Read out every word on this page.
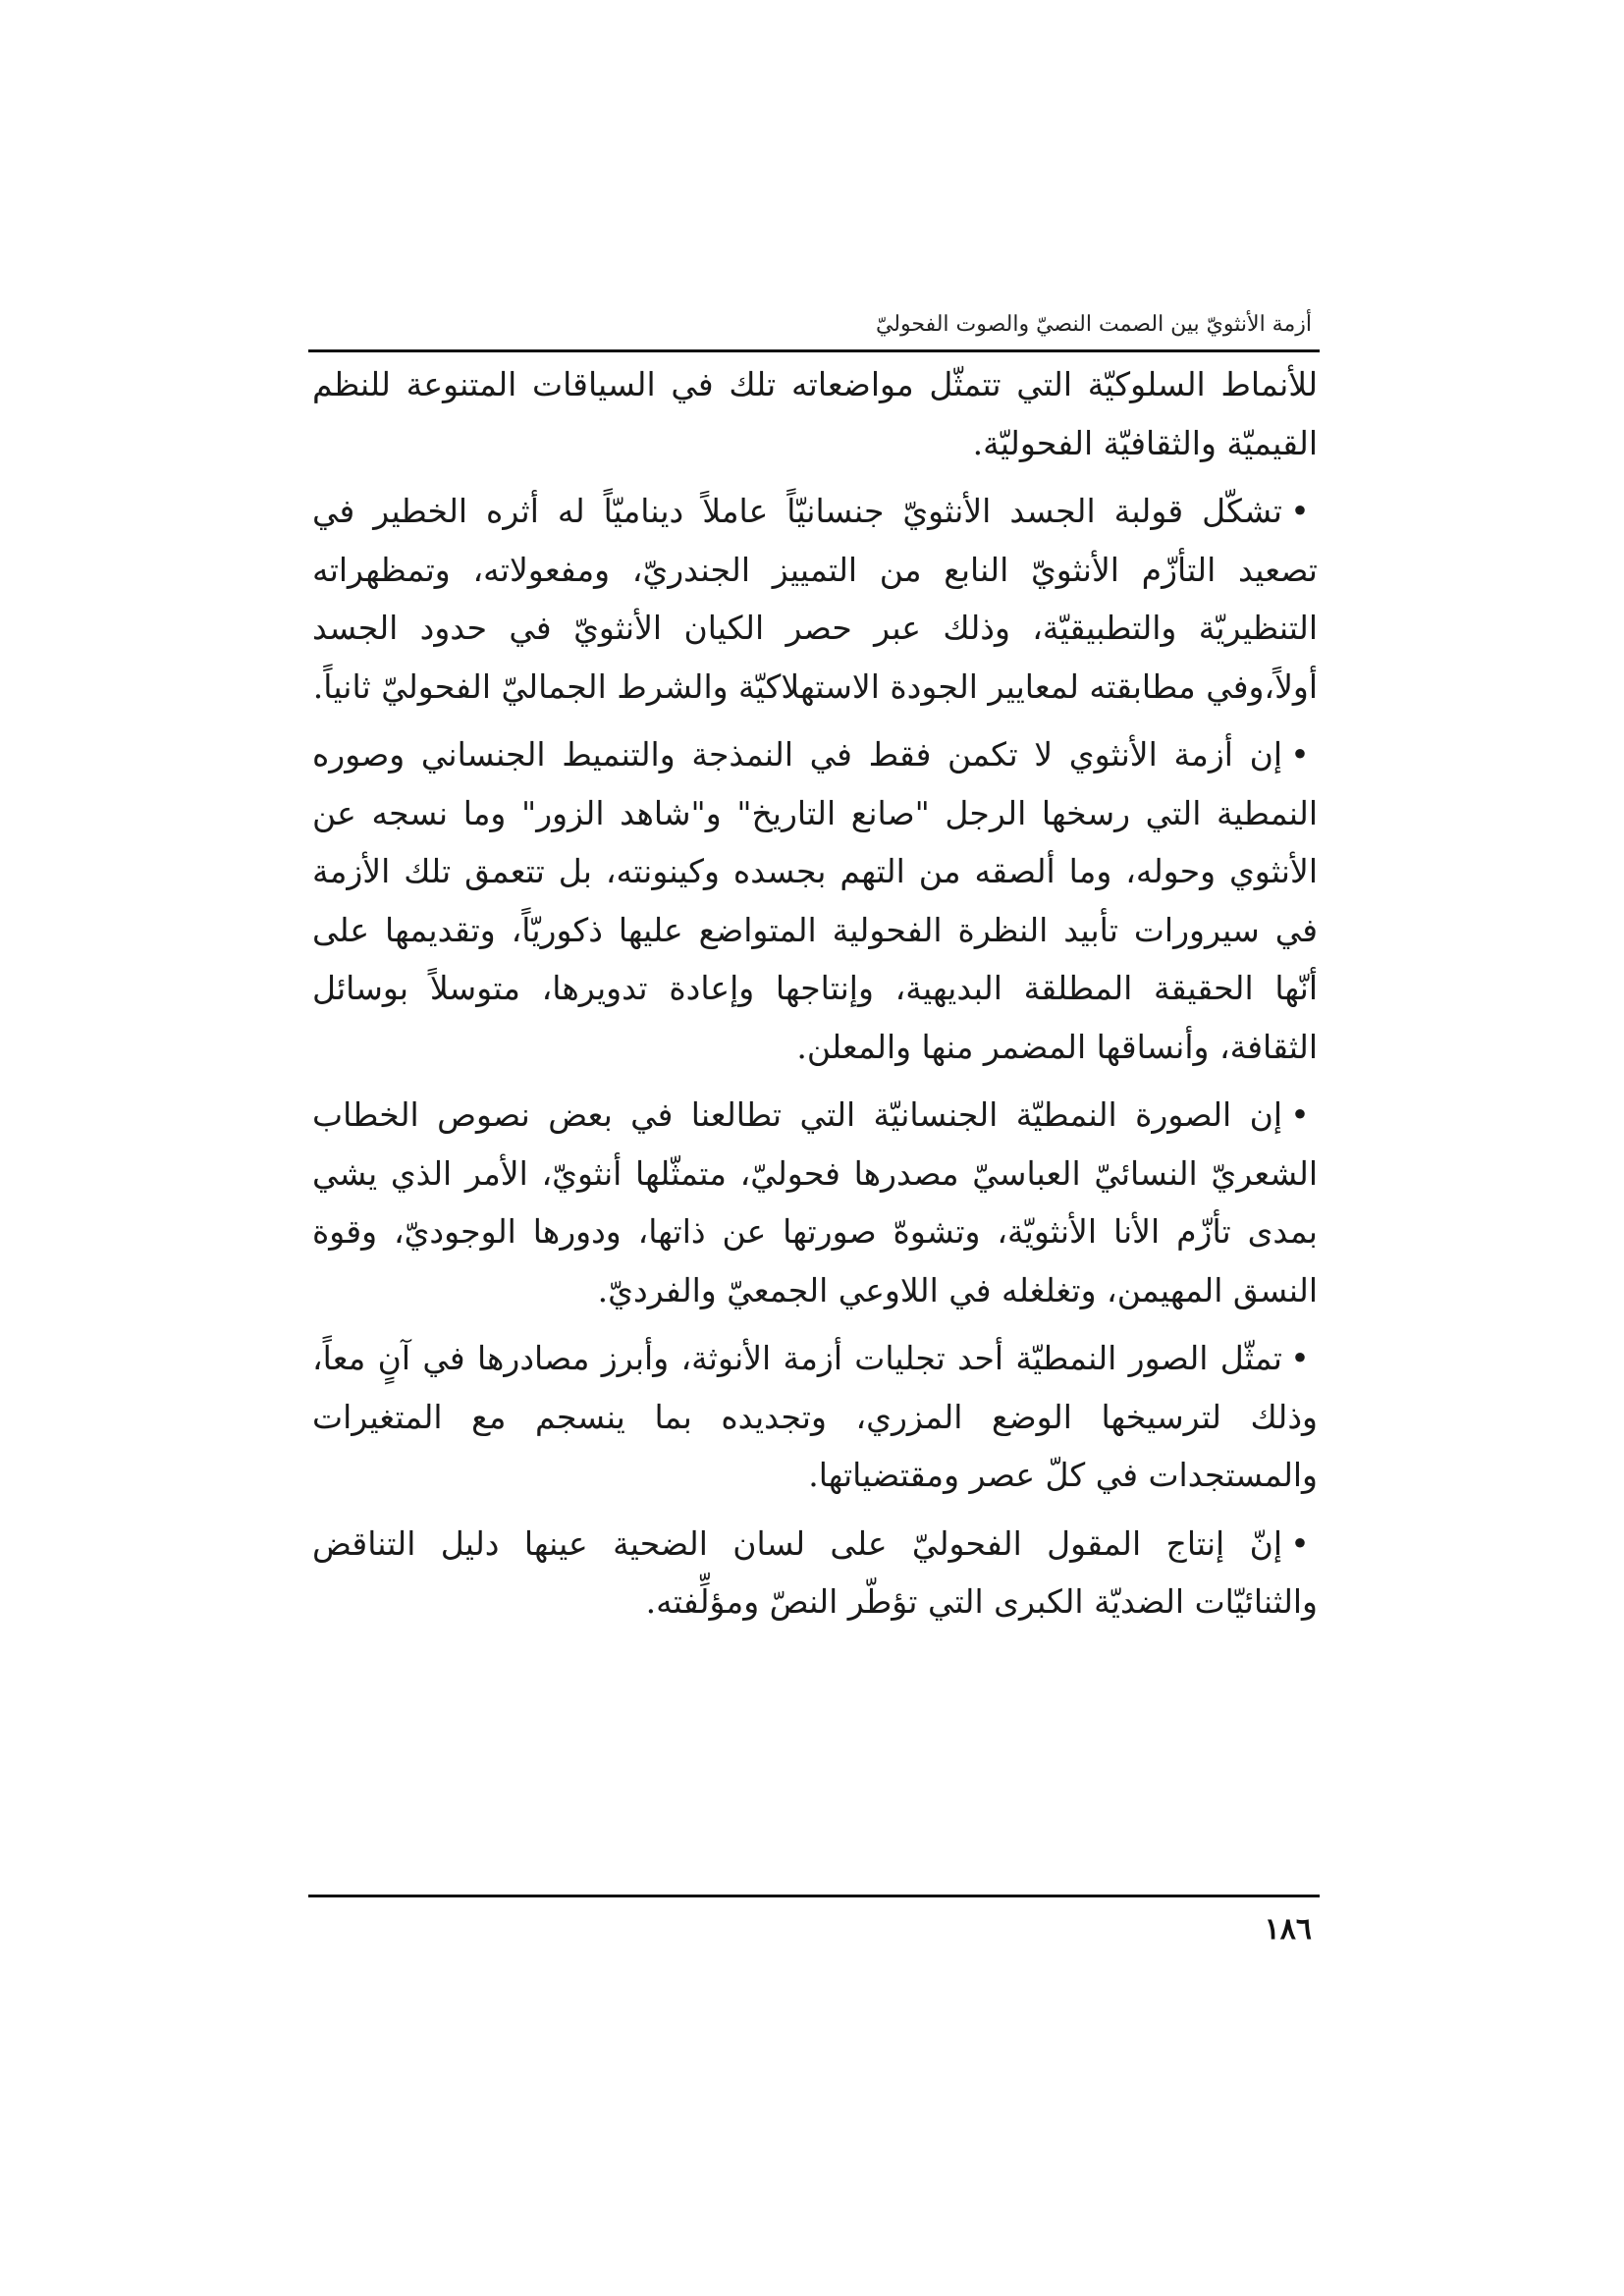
أزمة الأنثويّ بين الصمت النصيّ والصوت الفحوليّ

للأنماط السلوكيّة التي تتمثّل مواضعاته تلك في السياقات المتنوعة للنظم القيميّة والثقافيّة الفحوليّة.

•تشكّل قولبة الجسد الأنثويّ جنسانيّاً عاملاً ديناميّاً له أثره الخطير في تصعيد التأزّم الأنثويّ النابع من التمييز الجندريّ، ومفعولاته، وتمظهراته التنظيريّة والتطبيقيّة، وذلك عبر حصر الكيان الأنثويّ في حدود الجسد أولاً،وفي مطابقته لمعايير الجودة الاستهلاكيّة والشرط الجماليّ الفحوليّ ثانياً.

•إن أزمة الأنثوي لا تكمن فقط في النمذجة والتنميط الجنساني وصوره النمطية التي رسخها الرجل "صانع التاريخ" و"شاهد الزور" وما نسجه عن الأنثوي وحوله، وما ألصقه من التهم بجسده وكينونته، بل تتعمق تلك الأزمة في سيرورات تأبيد النظرة الفحولية المتواضع عليها ذكوريّاً، وتقديمها على أنّها الحقيقة المطلقة البديهية، وإنتاجها وإعادة تدويرها، متوسلاً بوسائل الثقافة، وأنساقها المضمر منها والمعلن.

•إن الصورة النمطيّة الجنسانيّة التي تطالعنا في بعض نصوص الخطاب الشعريّ النسائيّ العباسيّ مصدرها فحوليّ، متمثّلها أنثويّ، الأمر الذي يشي بمدى تأزّم الأنا الأنثويّة، وتشوهّ صورتها عن ذاتها، ودورها الوجوديّ، وقوة النسق المهيمن، وتغلغله في اللاوعي الجمعيّ والفرديّ.

•تمثّل الصور النمطيّة أحد تجليات أزمة الأنوثة، وأبرز مصادرها في آنٍ معاً، وذلك لترسيخها الوضع المزري، وتجديده بما ينسجم مع المتغيرات والمستجدات في كلّ عصر ومقتضياتها.

•إنّ إنتاج المقول الفحوليّ على لسان الضحية عينها دليل التناقض والثنائيّات الضديّة الكبرى التي تؤطّر النصّ ومؤلِّفته.

١٨٦
